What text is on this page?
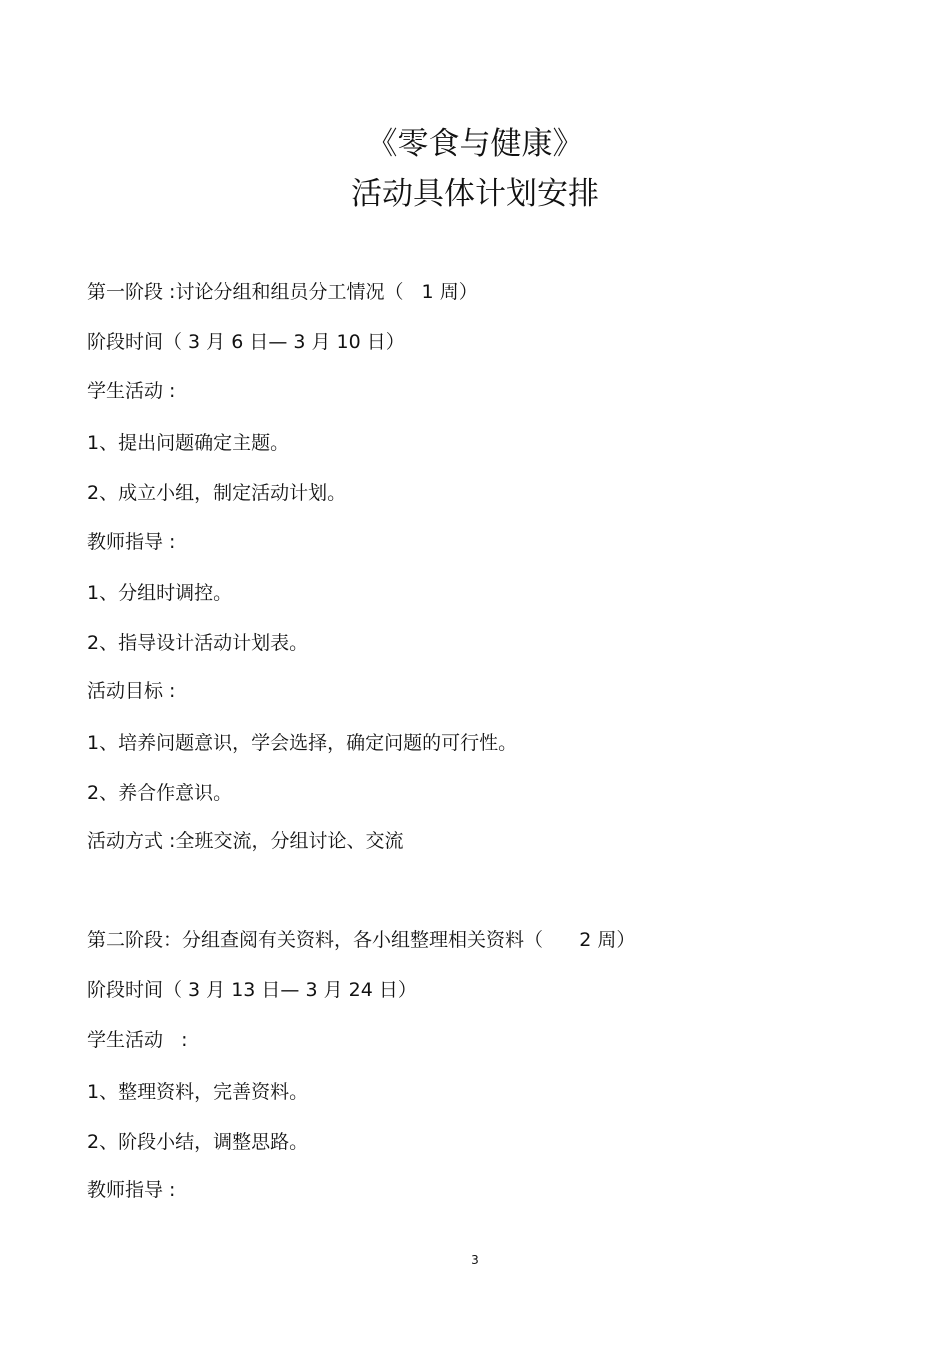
《零食与健康》
活动具体计划安排

第一阶段 :讨论分组和组员分工情况（   1 周）

阶段时间（ 3 月 6 日— 3 月 10 日）

学生活动 :

1、提出问题确定主题。

2、成立小组，制定活动计划。

教师指导 :

1、分组时调控。

2、指导设计活动计划表。

活动目标 :

1、培养问题意识，学会选择，确定问题的可行性。

2、养合作意识。

活动方式 :全班交流，分组讨论、交流

第二阶段：分组查阅有关资料，各小组整理相关资料（      2 周）

阶段时间（ 3 月 13 日— 3 月 24 日）

学生活动   :

1、整理资料，完善资料。

2、阶段小结，调整思路。

教师指导 :

3
